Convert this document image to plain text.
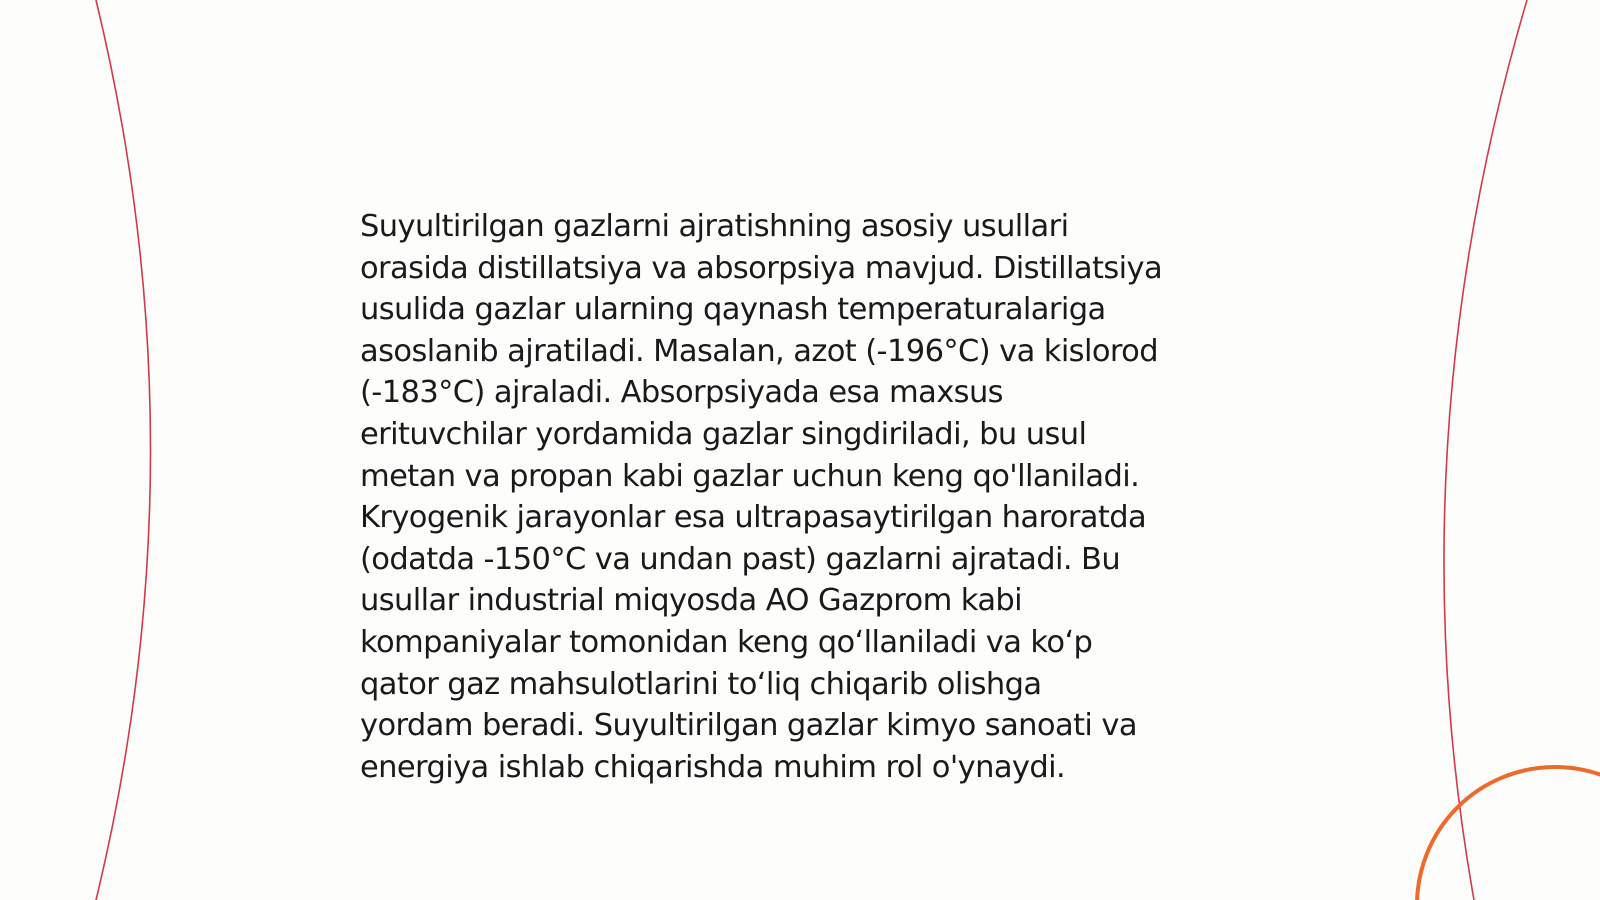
Suyultirilgan gazlarni ajratishning asosiy usullari
orasida distillatsiya va absorpsiya mavjud. Distillatsiya
usulida gazlar ularning qaynash temperaturalariga
asoslanib ajratiladi. Masalan, azot (-196°C) va kislorod
(-183°C) ajraladi. Absorpsiyada esa maxsus
erituvchilar yordamida gazlar singdiriladi, bu usul
metan va propan kabi gazlar uchun keng qo'llaniladi.
Kryogenik jarayonlar esa ultrapasaytirilgan haroratda
(odatda -150°C va undan past) gazlarni ajratadi. Bu
usullar industrial miqyosda AO Gazprom kabi
kompaniyalar tomonidan keng qo‘llaniladi va ko‘p
qator gaz mahsulotlarini to‘liq chiqarib olishga
yordam beradi. Suyultirilgan gazlar kimyo sanoati va
energiya ishlab chiqarishda muhim rol o'ynaydi.
